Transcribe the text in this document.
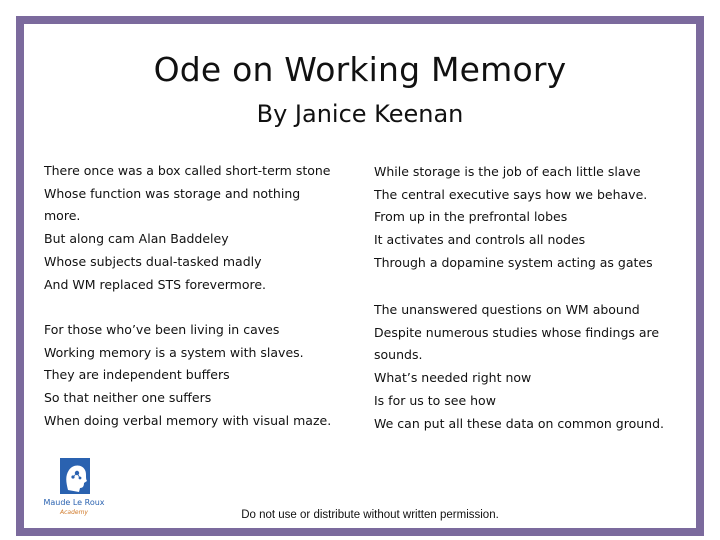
Ode on Working Memory
By Janice Keenan
There once was a box called short-term stone
Whose function was storage and nothing
more.
But along cam Alan Baddeley
Whose subjects dual-tasked madly
And WM replaced STS forevermore.
While storage is the job of each little slave
The central executive says how we behave.
From up in the prefrontal lobes
It activates and controls all nodes
Through a dopamine system acting as gates
For those who’ve been living in caves
Working memory is a system with slaves.
They are independent buffers
So that neither one suffers
When doing verbal memory with visual maze.
The unanswered questions on WM abound
Despite numerous studies whose findings are
sounds.
What’s needed right now
Is for us to see how
We can put all these data on common ground.
Maude Le Roux
Academy	Do not use or distribute without written permission.
